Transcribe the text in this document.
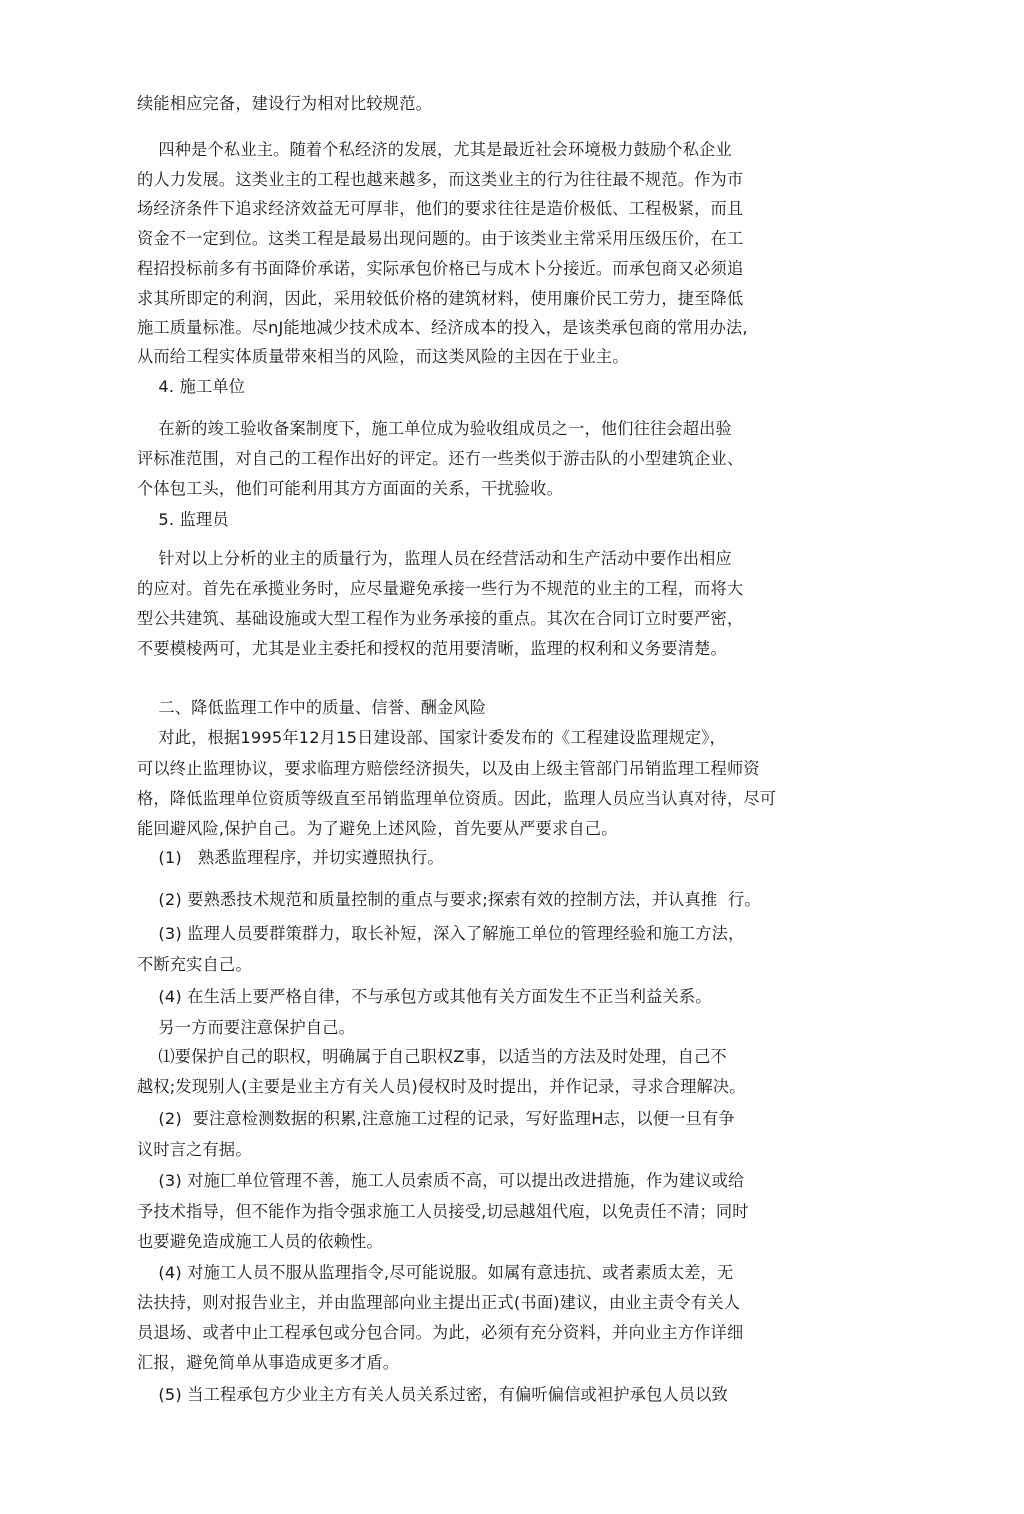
续能相应完备，建设行为相对比较规范。
四种是个私业主。随着个私经济的发展，尤其是最近社会环境极力鼓励个私企业
的人力发展。这类业主的工程也越来越多，而这类业主的行为往往最不规范。作为市
场经济条件下追求经济效益无可厚非，他们的要求往往是造价极低、工程极紧，而且
资金不一定到位。这类工程是最易出现问题的。由于该类业主常采用压级压价，在工
程招投标前多有书面降价承诺，实际承包价格已与成木卜分接近。而承包商又必须追
求其所即定的利润，因此，采用较低价格的建筑材料，使用廉价民工劳力，捷至降低
施工质量标准。尽nJ能地减少技术成本、经济成本的投入，是该类承包商的常用办法,
从而给工程实体质量带來相当的风险，而这类风险的主因在于业主。
4. 施工单位
在新的竣工验收备案制度下，施工单位成为验收组成员之一，他们往往会超出验
评标准范围，对自己的工程作出好的评定。还冇一些类似于游击队的小型建筑企业、
个体包工头，他们可能利用其方方面面的关系，干扰验收。
5. 监理员
针对以上分析的业主的质量行为，监理人员在经营活动和生产活动中要作出相应
的应对。首先在承揽业务时，应尽量避免承接一些行为不规范的业主的工程，而将大
型公共建筑、基础设施或大型工程作为业务承接的重点。其次在合同订立时要严密，
不要模棱两可，尤其是业主委托和授权的范用要清晰，监理的权利和义务要清楚。
二、降低监理工作中的质量、信誉、酬金风险
对此，根据1995年12月15日建设部、国家计委发布的《工程建设监理规定》，
可以终止监理协议，要求临理方赔偿经济损失，以及由上级主管部门吊销监理工程师资
格，降低监理单位资质等级直至吊销监理单位资质。因此，监理人员应当认真对待，尽可
能回避风险,保护自己。为了避免上述风险，首先要从严要求自己。
(1)   熟悉监理程序，并切实遵照执行。
(2) 要熟悉技术规范和质量控制的重点与要求;探索有效的控制方法，并认真推  行。
(3) 监理人员要群策群力，取长补短，深入了解施工单位的管理经验和施工方法，
不断充实自己。
(4) 在生活上要严格自律，不与承包方或其他有关方面发生不正当利益关系。
另一方而要注意保护自己。
⑴要保护自己的职权，明确属于自己职权Z事，以适当的方法及时处理，自己不
越权;发现别人(主要是业主方有关人员)侵权时及时提出，并作记录，寻求合理解决。
(2)  要注意检测数据的积累,注意施工过程的记录，写好监理H志，以便一旦有争
议时言之有据。
(3) 对施匚单位管理不善，施工人员索质不高，可以提出改进措施，作为建议或给
予技术指导，但不能作为指令强求施工人员接受,切忌越俎代庖，以免责任不清；同时
也要避免造成施工人员的依赖性。
(4) 对施工人员不服从监理指令,尽可能说服。如属有意违抗、或者素质太差，无
法扶持，则对报告业主，并由监理部向业主提出正式(书面)建议，由业主责令有关人
员退场、或者中止工程承包或分包合同。为此，必须有充分资料，并向业主方作详细
汇报，避免简单从事造成更多才盾。
(5) 当工程承包方少业主方有关人员关系过密，有偏听偏信或袒护承包人员以致
